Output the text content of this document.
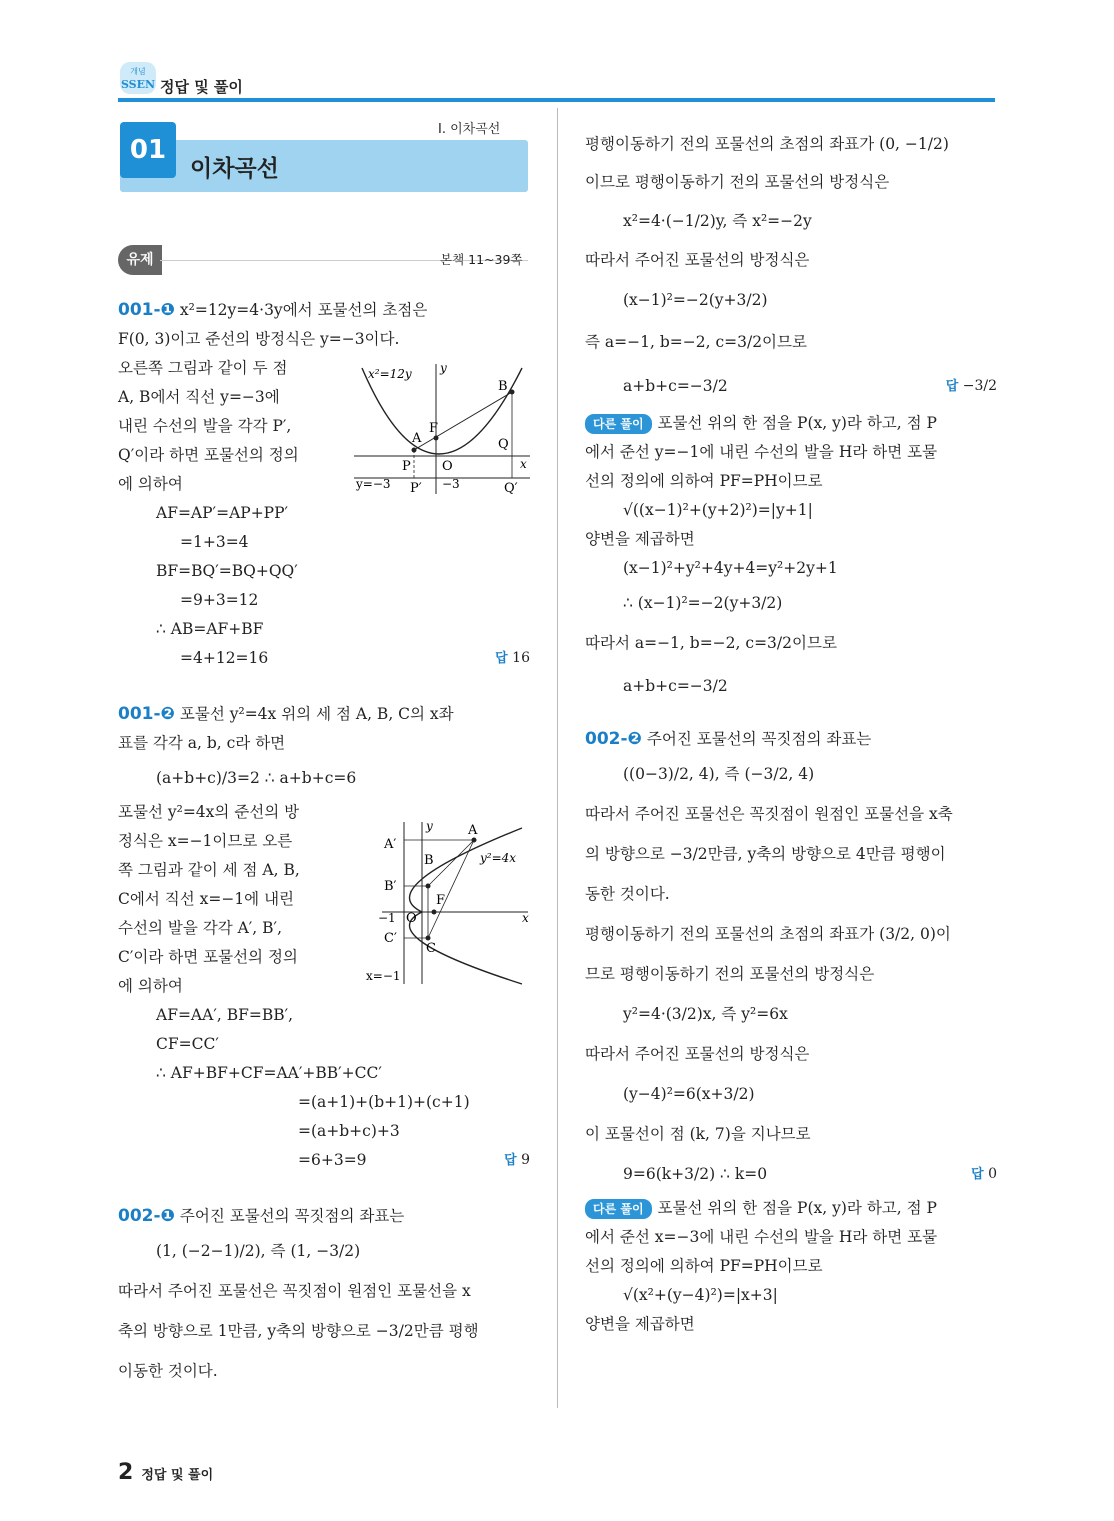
개념
SSEN 정답 및 풀이
01
이차곡선
Ⅰ. 이차곡선
유제	본책 11~39쪽

001-❶ x²=12y=4·3y에서 포물선의 초점은

F(0, 3)이고 준선의 방정식은 y=−3이다.

오른쪽 그림과 같이 두 점

A, B에서 직선 y=−3에

내린 수선의 발을 각각 P′,

Q′이라 하면 포물선의 정의

에 의하여

AF=AP′=AP+PP′

=1+3=4

BF=BQ′=BQ+QQ′

=9+3=12

∴ AB=AF+BF

=4+12=16	답 16

001-❷ 포물선 y²=4x 위의 세 점 A, B, C의 x좌

표를 각각 a, b, c라 하면

(a+b+c)/3=2 ∴ a+b+c=6

포물선 y²=4x의 준선의 방

정식은 x=−1이므로 오른

쪽 그림과 같이 세 점 A, B,

C에서 직선 x=−1에 내린

수선의 발을 각각 A′, B′,

C′이라 하면 포물선의 정의

에 의하여

AF=AA′, BF=BB′,

CF=CC′

∴ AF+BF+CF=AA′+BB′+CC′

=(a+1)+(b+1)+(c+1)

=(a+b+c)+3

=6+3=9	답 9

002-❶ 주어진 포물선의 꼭짓점의 좌표는

(1, (−2−1)/2), 즉 (1, −3/2)

따라서 주어진 포물선은 꼭짓점이 원점인 포물선을 x

축의 방향으로 1만큼, y축의 방향으로 −3/2만큼 평행

이동한 것이다.

x²=12y y
x
B
A
F
O
P
Q
P′	Q′
y=−3	−3
y
x
A
B
C
F
O
A′
B′
C′
−1
y²=4x
x=−1

평행이동하기 전의 포물선의 초점의 좌표가 (0, −1/2)

이므로 평행이동하기 전의 포물선의 방정식은

x²=4·(−1/2)y, 즉 x²=−2y

따라서 주어진 포물선의 방정식은

(x−1)²=−2(y+3/2)

즉 a=−1, b=−2, c=3/2이므로

a+b+c=−3/2	답 −3/2

다른 풀이 포물선 위의 한 점을 P(x, y)라 하고, 점 P

에서 준선 y=−1에 내린 수선의 발을 H라 하면 포물

선의 정의에 의하여 PF=PH이므로

√((x−1)²+(y+2)²)=|y+1|

양변을 제곱하면

(x−1)²+y²+4y+4=y²+2y+1

∴ (x−1)²=−2(y+3/2)

따라서 a=−1, b=−2, c=3/2이므로

a+b+c=−3/2

002-❷ 주어진 포물선의 꼭짓점의 좌표는

((0−3)/2, 4), 즉 (−3/2, 4)

따라서 주어진 포물선은 꼭짓점이 원점인 포물선을 x축

의 방향으로 −3/2만큼, y축의 방향으로 4만큼 평행이

동한 것이다.

평행이동하기 전의 포물선의 초점의 좌표가 (3/2, 0)이

므로 평행이동하기 전의 포물선의 방정식은

y²=4·(3/2)x, 즉 y²=6x

따라서 주어진 포물선의 방정식은

(y−4)²=6(x+3/2)

이 포물선이 점 (k, 7)을 지나므로

9=6(k+3/2) ∴ k=0	답 0

다른 풀이 포물선 위의 한 점을 P(x, y)라 하고, 점 P

에서 준선 x=−3에 내린 수선의 발을 H라 하면 포물

선의 정의에 의하여 PF=PH이므로

√(x²+(y−4)²)=|x+3|

양변을 제곱하면

2 정답 및 풀이
